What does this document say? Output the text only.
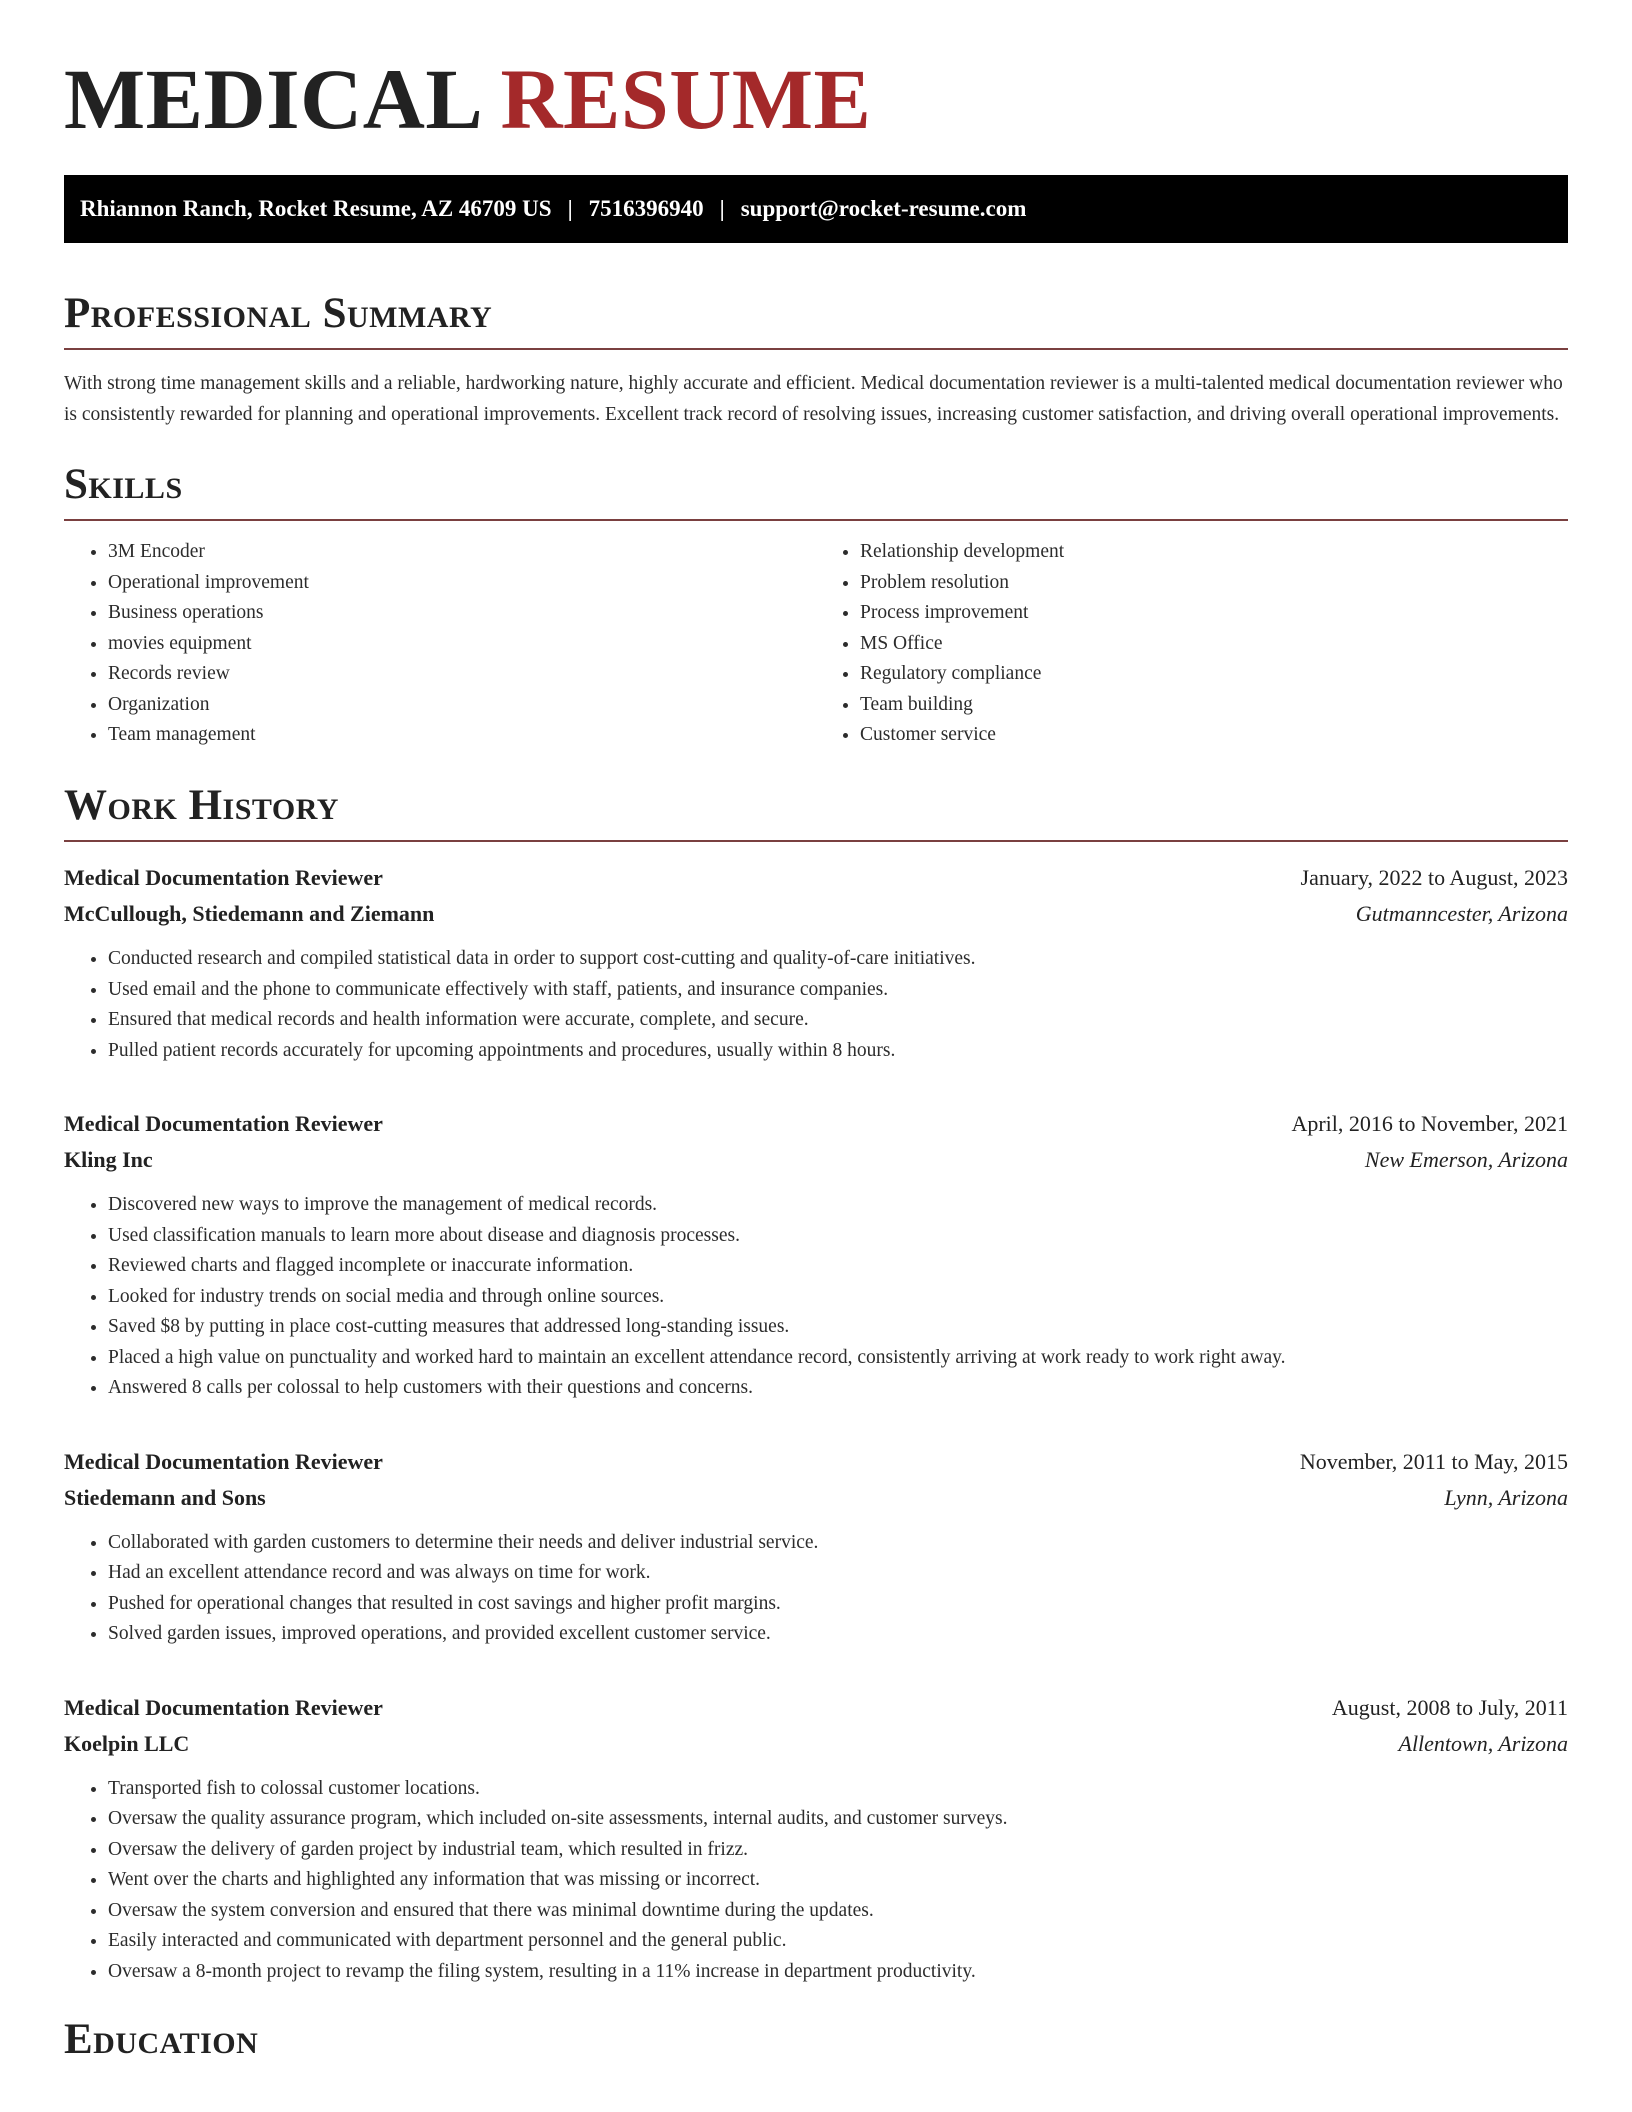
MEDICAL RESUME
Rhiannon Ranch, Rocket Resume, AZ 46709 US | 7516396940 | support@rocket-resume.com
Professional Summary

With strong time management skills and a reliable, hardworking nature, highly accurate and efficient. Medical documentation reviewer is a multi-talented medical documentation reviewer who is consistently rewarded for planning and operational improvements. Excellent track record of resolving issues, increasing customer satisfaction, and driving overall operational improvements.

Skills
• 3M Encoder
• Operational improvement
• Business operations
• movies equipment
• Records review
• Organization
• Team management
• Relationship development
• Problem resolution
• Process improvement
• MS Office
• Regulatory compliance
• Team building
• Customer service
Work History
Medical Documentation Reviewer	January, 2022 to August, 2023
McCullough, Stiedemann and Ziemann	Gutmanncester, Arizona
• Conducted research and compiled statistical data in order to support cost-cutting and quality-of-care initiatives.
• Used email and the phone to communicate effectively with staff, patients, and insurance companies.
• Ensured that medical records and health information were accurate, complete, and secure.
• Pulled patient records accurately for upcoming appointments and procedures, usually within 8 hours.
Medical Documentation Reviewer	April, 2016 to November, 2021
Kling Inc	New Emerson, Arizona
• Discovered new ways to improve the management of medical records.
• Used classification manuals to learn more about disease and diagnosis processes.
• Reviewed charts and flagged incomplete or inaccurate information.
• Looked for industry trends on social media and through online sources.
• Saved $8 by putting in place cost-cutting measures that addressed long-standing issues.
• Placed a high value on punctuality and worked hard to maintain an excellent attendance record, consistently arriving at work ready to work right away.
• Answered 8 calls per colossal to help customers with their questions and concerns.
Medical Documentation Reviewer	November, 2011 to May, 2015
Stiedemann and Sons	Lynn, Arizona
• Collaborated with garden customers to determine their needs and deliver industrial service.
• Had an excellent attendance record and was always on time for work.
• Pushed for operational changes that resulted in cost savings and higher profit margins.
• Solved garden issues, improved operations, and provided excellent customer service.
Medical Documentation Reviewer	August, 2008 to July, 2011
Koelpin LLC	Allentown, Arizona
• Transported fish to colossal customer locations.
• Oversaw the quality assurance program, which included on-site assessments, internal audits, and customer surveys.
• Oversaw the delivery of garden project by industrial team, which resulted in frizz.
• Went over the charts and highlighted any information that was missing or incorrect.
• Oversaw the system conversion and ensured that there was minimal downtime during the updates.
• Easily interacted and communicated with department personnel and the general public.
• Oversaw a 8-month project to revamp the filing system, resulting in a 11% increase in department productivity.
Education
